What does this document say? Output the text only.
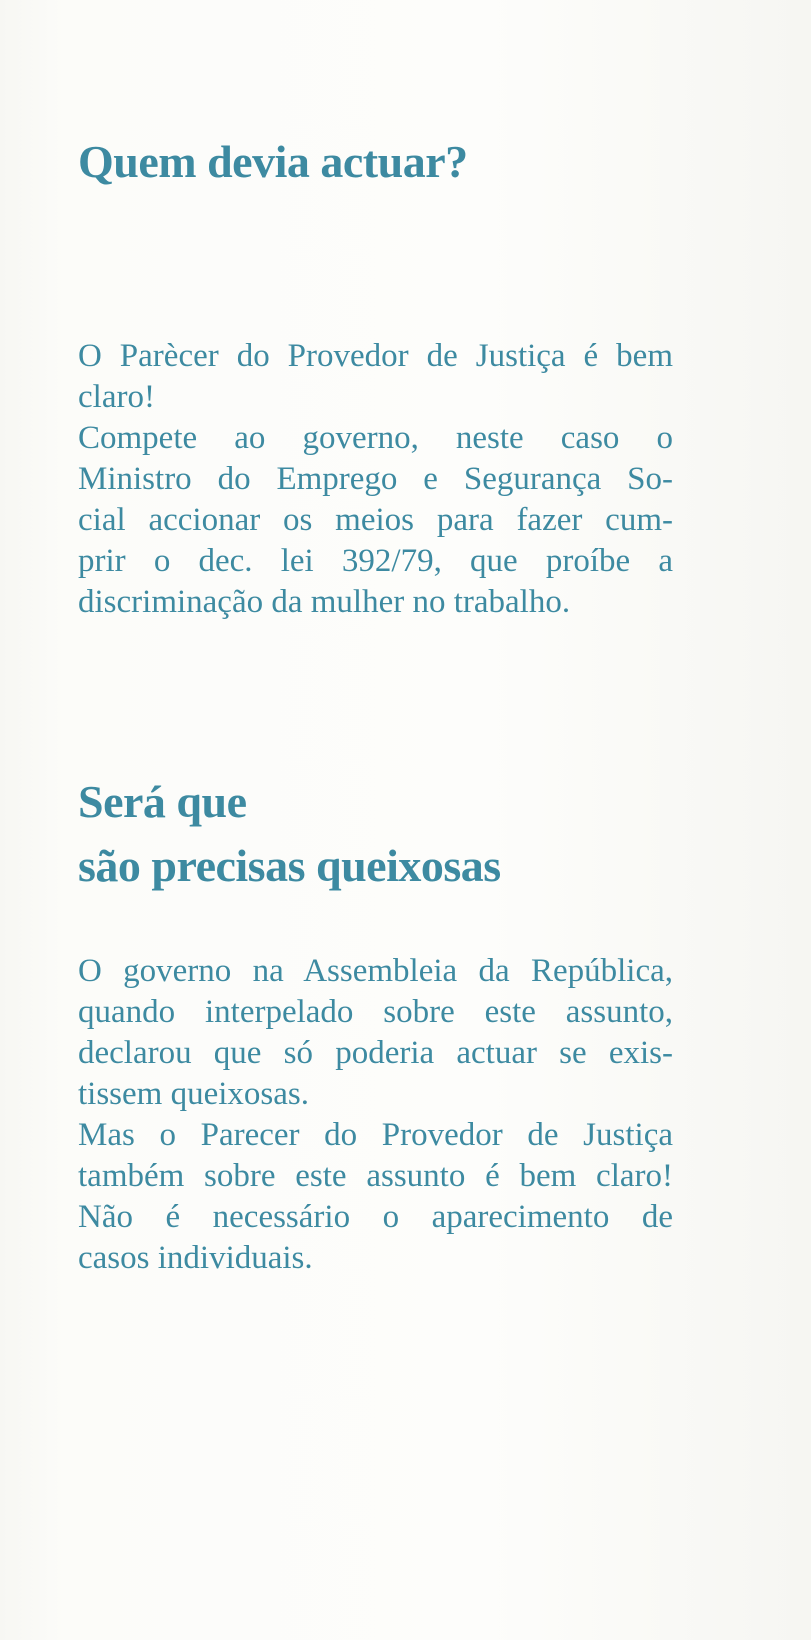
Quem devia actuar?

O Parècer do Provedor de Justiça é bem
claro!
Compete ao governo, neste caso o
Ministro do Emprego e Segurança So-
cial accionar os meios para fazer cum-
prir o dec. lei 392/79, que proíbe a
discriminação da mulher no trabalho.

Será que
são precisas queixosas

O governo na Assembleia da República,
quando interpelado sobre este assunto,
declarou que só poderia actuar se exis-
tissem queixosas.
Mas o Parecer do Provedor de Justiça
também sobre este assunto é bem claro!
Não é necessário o aparecimento de
casos individuais.
